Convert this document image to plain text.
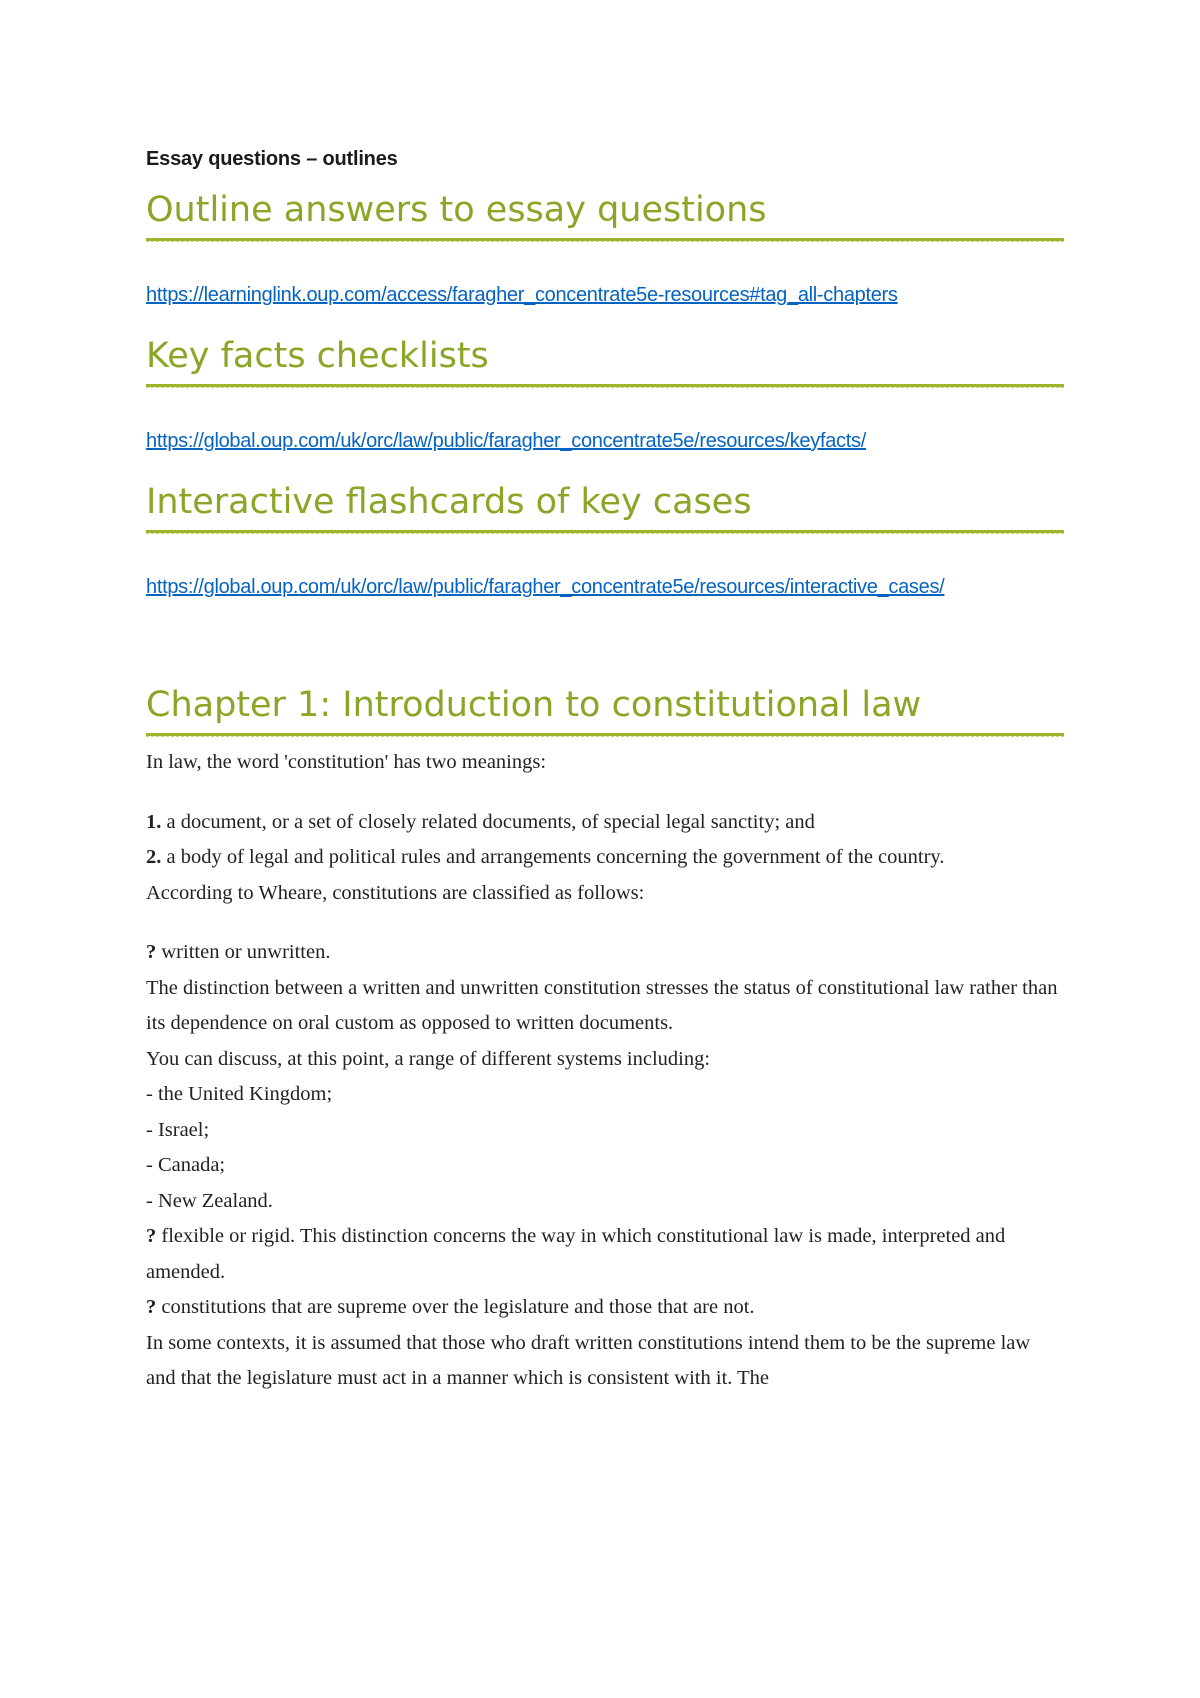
Essay questions – outlines
Outline answers to essay questions
https://learninglink.oup.com/access/faragher_concentrate5e-resources#tag_all-chapters
Key facts checklists
https://global.oup.com/uk/orc/law/public/faragher_concentrate5e/resources/keyfacts/
Interactive flashcards of key cases
https://global.oup.com/uk/orc/law/public/faragher_concentrate5e/resources/interactive_cases/
Chapter 1: Introduction to constitutional law

In law, the word 'constitution' has two meanings:

1. a document, or a set of closely related documents, of special legal sanctity; and

2. a body of legal and political rules and arrangements concerning the government of the country.

According to Wheare, constitutions are classified as follows:

? written or unwritten.

The distinction between a written and unwritten constitution stresses the status of constitutional law rather than its dependence on oral custom as opposed to written documents.

You can discuss, at this point, a range of different systems including:

- the United Kingdom;

- Israel;

- Canada;

- New Zealand.

? flexible or rigid. This distinction concerns the way in which constitutional law is made, interpreted and amended.

? constitutions that are supreme over the legislature and those that are not.

In some contexts, it is assumed that those who draft written constitutions intend them to be the supreme law and that the legislature must act in a manner which is consistent with it. The
